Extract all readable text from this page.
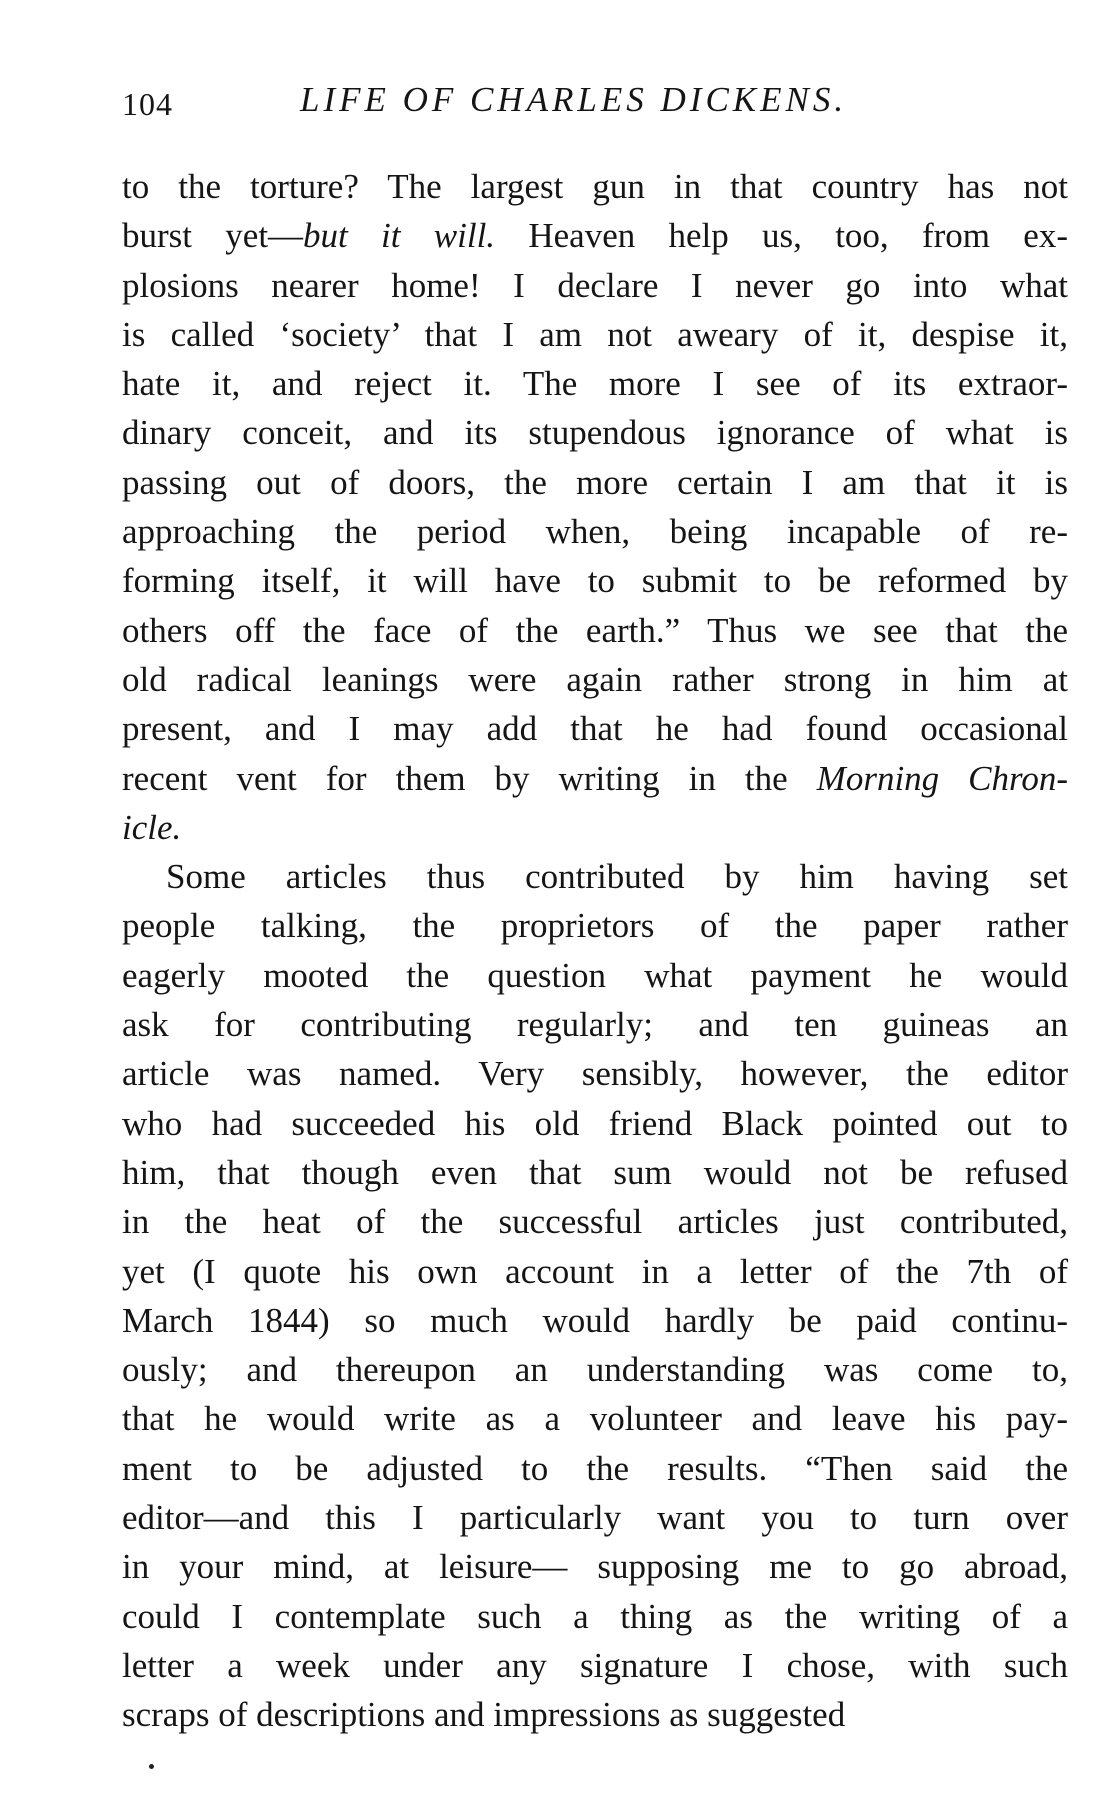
104	LIFE OF CHARLES DICKENS.
to the torture? The largest gun in that country has not
burst yet—but it will. Heaven help us, too, from ex-
plosions nearer home! I declare I never go into what
is called ‘society’ that I am not aweary of it, despise it,
hate it, and reject it. The more I see of its extraor-
dinary conceit, and its stupendous ignorance of what is
passing out of doors, the more certain I am that it is
approaching the period when, being incapable of re-
forming itself, it will have to submit to be reformed by
others off the face of the earth.” Thus we see that the
old radical leanings were again rather strong in him at
present, and I may add that he had found occasional
recent vent for them by writing in the Morning Chron-
icle.
Some articles thus contributed by him having set
people talking, the proprietors of the paper rather
eagerly mooted the question what payment he would
ask for contributing regularly; and ten guineas an
article was named. Very sensibly, however, the editor
who had succeeded his old friend Black pointed out to
him, that though even that sum would not be refused
in the heat of the successful articles just contributed,
yet (I quote his own account in a letter of the 7th of
March 1844) so much would hardly be paid continu-
ously; and thereupon an understanding was come to,
that he would write as a volunteer and leave his pay-
ment to be adjusted to the results. “Then said the
editor—and this I particularly want you to turn over
in your mind, at leisure— supposing me to go abroad,
could I contemplate such a thing as the writing of a
letter a week under any signature I chose, with such
scraps of descriptions and impressions as suggested
